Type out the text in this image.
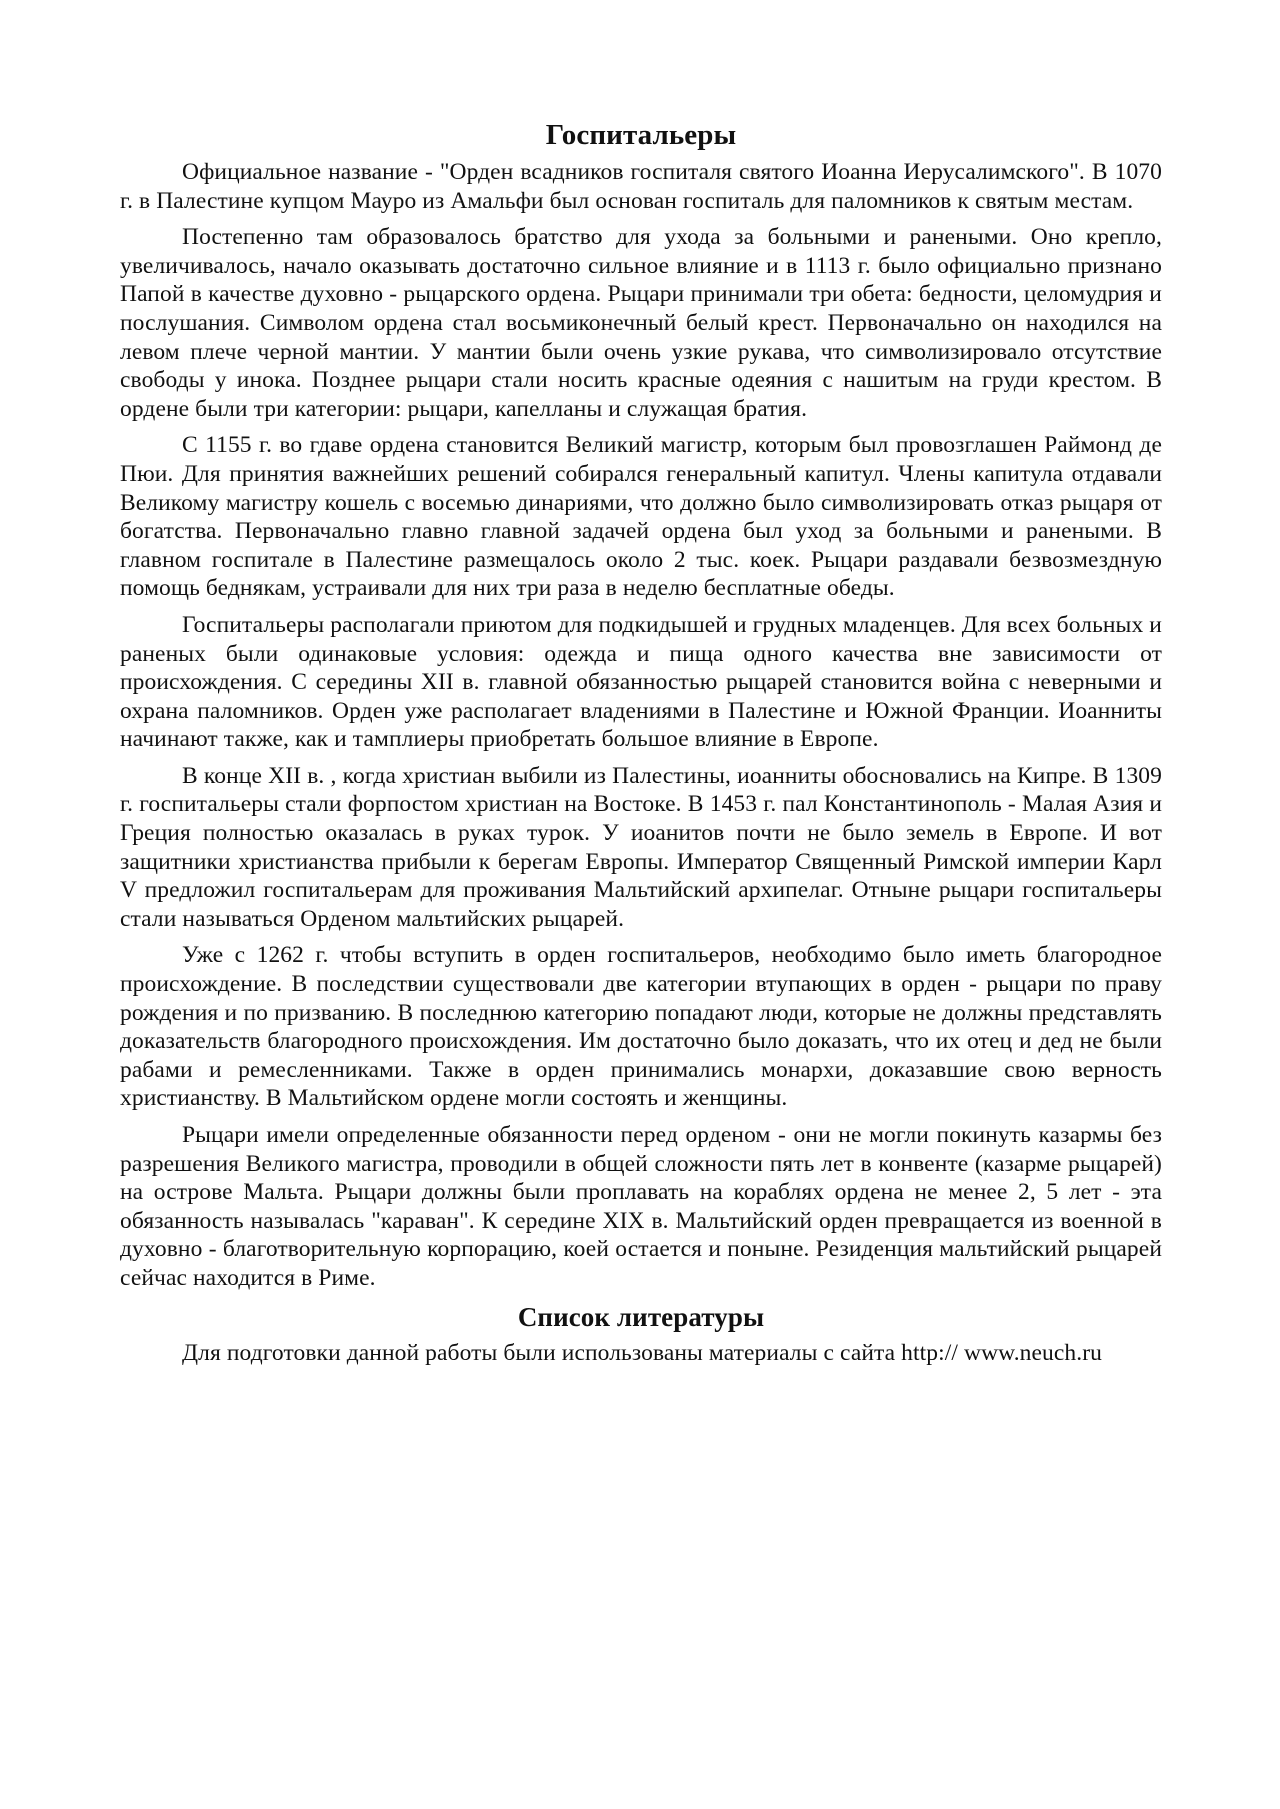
Госпитальеры

Официальное название - "Орден всадников госпиталя святого Иоанна Иерусалимского". В 1070 г. в Палестине купцом Мауро из Амальфи был основан госпиталь для паломников к святым местам.

Постепенно там образовалось братство для ухода за больными и ранеными. Оно крепло, увеличивалось, начало оказывать достаточно сильное влияние и в 1113 г. было официально признано Папой в качестве духовно - рыцарского ордена. Рыцари принимали три обета: бедности, целомудрия и послушания. Символом ордена стал восьмиконечный белый крест. Первоначально он находился на левом плече черной мантии. У мантии были очень узкие рукава, что символизировало отсутствие свободы у инока. Позднее рыцари стали носить красные одеяния с нашитым на груди крестом. В ордене были три категории: рыцари, капелланы и служащая братия.

С 1155 г. во гдаве ордена становится Великий магистр, которым был провозглашен Раймонд де Пюи. Для принятия важнейших решений собирался генеральный капитул. Члены капитула отдавали Великому магистру кошель с восемью динариями, что должно было символизировать отказ рыцаря от богатства. Первоначально главно главной задачей ордена был уход за больными и ранеными. В главном госпитале в Палестине размещалось около 2 тыс. коек. Рыцари раздавали безвозмездную помощь беднякам, устраивали для них три раза в неделю бесплатные обеды.

Госпитальеры располагали приютом для подкидышей и грудных младенцев. Для всех больных и раненых были одинаковые условия: одежда и пища одного качества вне зависимости от происхождения. С середины XII в. главной обязанностью рыцарей становится война с неверными и охрана паломников. Орден уже располагает владениями в Палестине и Южной Франции. Иоанниты начинают также, как и тамплиеры приобретать большое влияние в Европе.

В конце XII в. , когда христиан выбили из Палестины, иоанниты обосновались на Кипре. В 1309 г. госпитальеры стали форпостом христиан на Востоке. В 1453 г. пал Константинополь - Малая Азия и Греция полностью оказалась в руках турок. У иоанитов почти не было земель в Европе. И вот защитники христианства прибыли к берегам Европы. Император Священный Римской империи Карл V предложил госпитальерам для проживания Мальтийский архипелаг. Отныне рыцари госпитальеры стали называться Орденом мальтийских рыцарей.

Уже с 1262 г. чтобы вступить в орден госпитальеров, необходимо было иметь благородное происхождение. В последствии существовали две категории втупающих в орден - рыцари по праву рождения и по призванию. В последнюю категорию попадают люди, которые не должны представлять доказательств благородного происхождения. Им достаточно было доказать, что их отец и дед не были рабами и ремесленниками. Также в орден принимались монархи, доказавшие свою верность христианству. В Мальтийском ордене могли состоять и женщины.

Рыцари имели определенные обязанности перед орденом - они не могли покинуть казармы без разрешения Великого магистра, проводили в общей сложности пять лет в конвенте (казарме рыцарей) на острове Мальта. Рыцари должны были проплавать на кораблях ордена не менее 2, 5 лет - эта обязанность называлась "караван". К середине XIX в. Мальтийский орден превращается из военной в духовно - благотворительную корпорацию, коей остается и поныне. Резиденция мальтийский рыцарей сейчас находится в Риме.

Список литературы

Для подготовки данной работы были использованы материалы с сайта http:// www.neuch.ru
